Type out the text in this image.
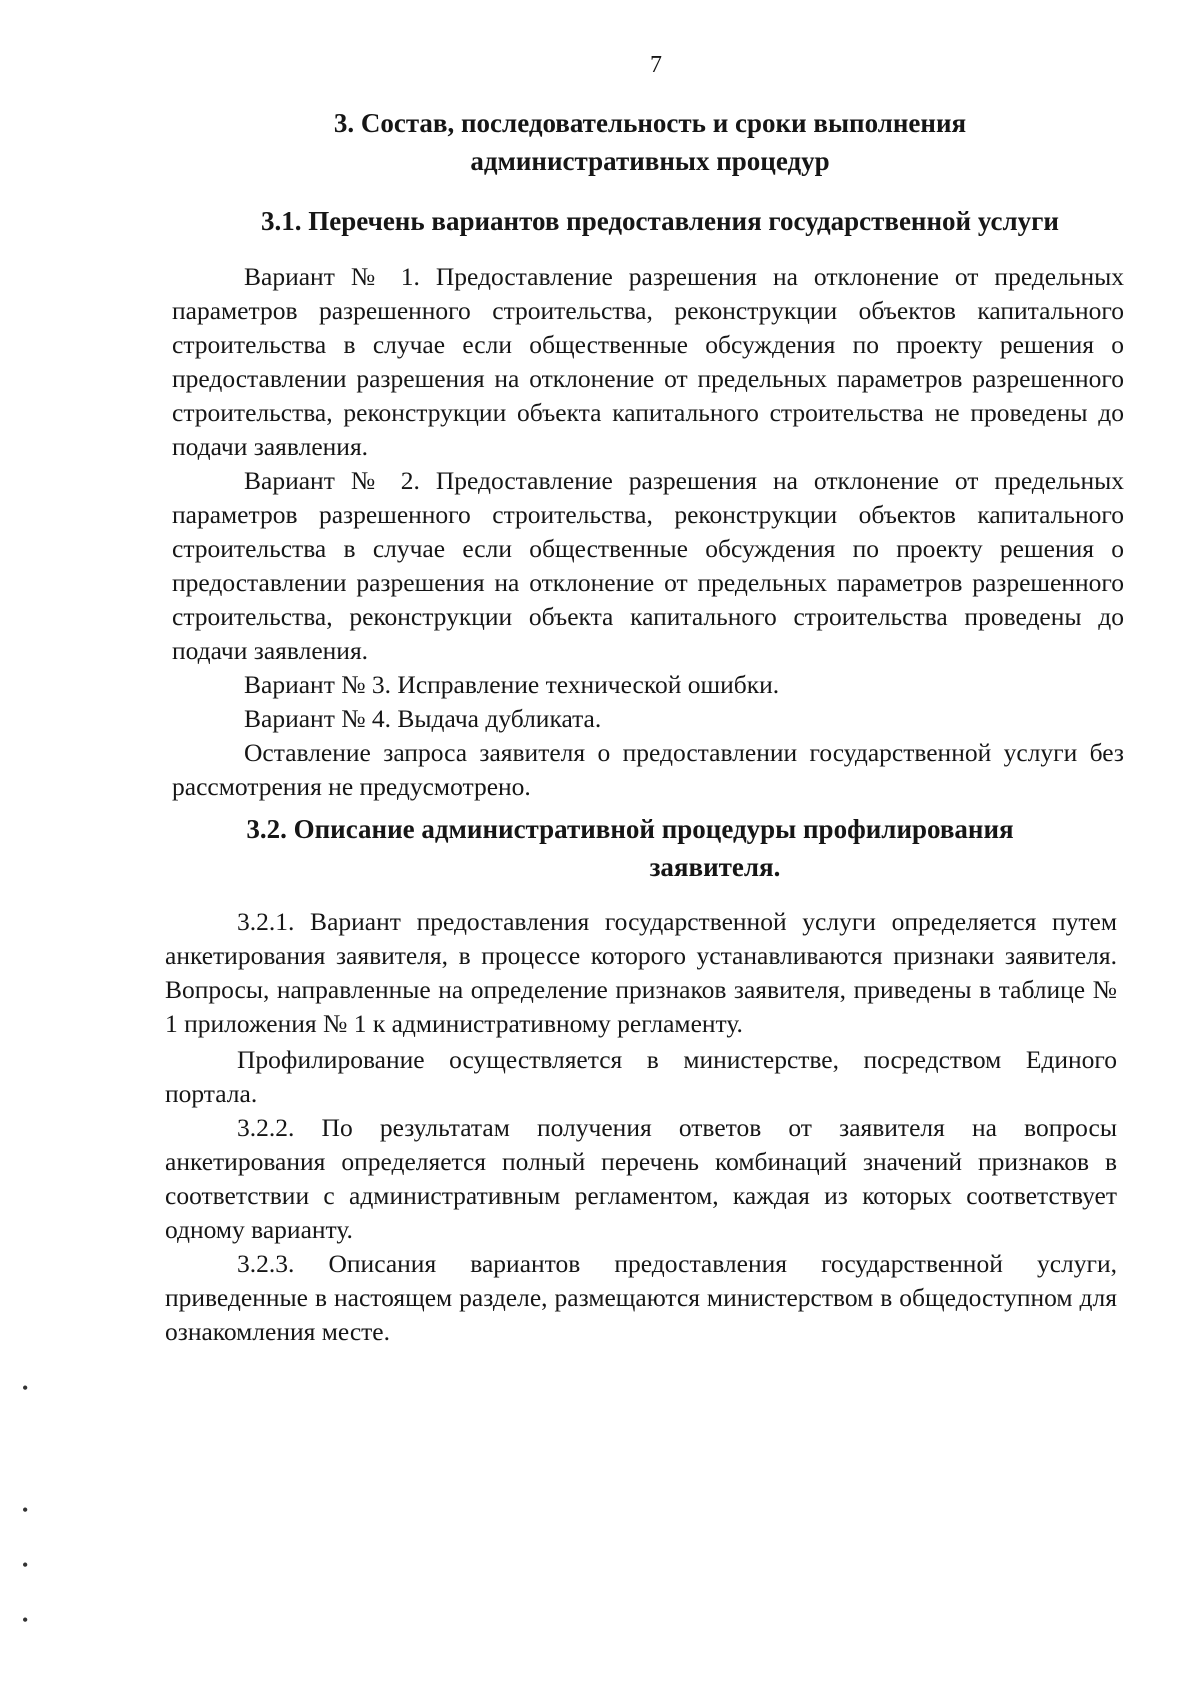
7
3. Состав, последовательность и сроки выполнения
административных процедур
3.1. Перечень вариантов предоставления государственной услуги

Вариант № 1. Предоставление разрешения на отклонение от предельных параметров разрешенного строительства, реконструкции объектов капитального строительства в случае если общественные обсуждения по проекту решения о предоставлении разрешения на отклонение от предельных параметров разрешенного строительства, реконструкции объекта капитального строительства не проведены до подачи заявления.

Вариант № 2. Предоставление разрешения на отклонение от предельных параметров разрешенного строительства, реконструкции объектов капитального строительства в случае если общественные обсуждения по проекту решения о предоставлении разрешения на отклонение от предельных параметров разрешенного строительства, реконструкции объекта капитального строительства проведены до подачи заявления.

Вариант № 3. Исправление технической ошибки.

Вариант № 4. Выдача дубликата.

Оставление запроса заявителя о предоставлении государственной услуги без рассмотрения не предусмотрено.

3.2. Описание административной процедуры профилирования
заявителя.

3.2.1. Вариант предоставления государственной услуги определяется путем анкетирования заявителя, в процессе которого устанавливаются признаки заявителя. Вопросы, направленные на определение признаков заявителя, приведены в таблице № 1 приложения № 1 к административному регламенту.

Профилирование осуществляется в министерстве, посредством Единого портала.

3.2.2. По результатам получения ответов от заявителя на вопросы анкетирования определяется полный перечень комбинаций значений признаков в соответствии с административным регламентом, каждая из которых соответствует одному варианту.

3.2.3. Описания вариантов предоставления государственной услуги, приведенные в настоящем разделе, размещаются министерством в общедоступном для ознакомления месте.

•
•
•
•
